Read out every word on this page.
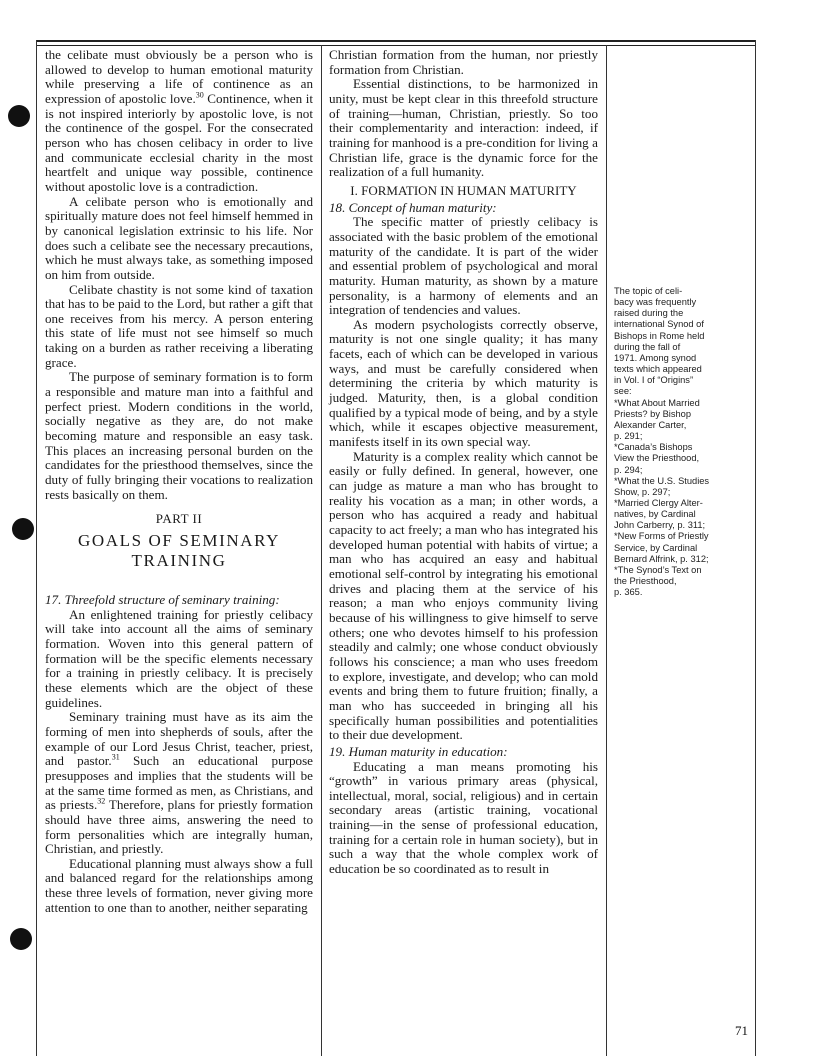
the celibate must obviously be a person who is allowed to develop to human emotional maturity while preserving a life of continence as an expression of apostolic love.$^{30}$ Continence, when it is not inspired interiorly by apostolic love, is not the continence of the gospel. For the consecrated person who has chosen celibacy in order to live and communicate ecclesial charity in the most heartfelt and unique way possible, continence without apostolic love is a contradiction.

A celibate person who is emotionally and spiritually mature does not feel himself hemmed in by canonical legislation extrinsic to his life. Nor does such a celibate see the necessary precautions, which he must always take, as something imposed on him from outside.

Celibate chastity is not some kind of taxation that has to be paid to the Lord, but rather a gift that one receives from his mercy. A person entering this state of life must not see himself so much taking on a burden as rather receiving a liberating grace.

The purpose of seminary formation is to form a responsible and mature man into a faithful and perfect priest. Modern conditions in the world, socially negative as they are, do not make becoming mature and responsible an easy task. This places an increasing personal burden on the candidates for the priesthood themselves, since the duty of fully bringing their vocations to realization rests basically on them.

PART II
GOALS OF SEMINARY
TRAINING
17. Threefold structure of seminary training:

An enlightened training for priestly celibacy will take into account all the aims of seminary formation. Woven into this general pattern of formation will be the specific elements necessary for a training in priestly celibacy. It is precisely these elements which are the object of these guidelines.

Seminary training must have as its aim the forming of men into shepherds of souls, after the example of our Lord Jesus Christ, teacher, priest, and pastor.$^{31}$ Such an educational purpose presupposes and implies that the students will be at the same time formed as men, as Christians, and as priests.$^{32}$ Therefore, plans for priestly formation should have three aims, answering the need to form personalities which are integrally human, Christian, and priestly.

Educational planning must always show a full and balanced regard for the relationships among these three levels of formation, never giving more attention to one than to another, neither separating

Christian formation from the human, nor priestly formation from Christian.

Essential distinctions, to be harmonized in unity, must be kept clear in this threefold structure of training—human, Christian, priestly. So too their complementarity and interaction: indeed, if training for manhood is a pre-condition for living a Christian life, grace is the dynamic force for the realization of a full humanity.

I. FORMATION IN HUMAN MATURITY
18. Concept of human maturity:

The specific matter of priestly celibacy is associated with the basic problem of the emotional maturity of the candidate. It is part of the wider and essential problem of psychological and moral maturity. Human maturity, as shown by a mature personality, is a harmony of elements and an integration of tendencies and values.

As modern psychologists correctly observe, maturity is not one single quality; it has many facets, each of which can be developed in various ways, and must be carefully considered when determining the criteria by which maturity is judged. Maturity, then, is a global condition qualified by a typical mode of being, and by a style which, while it escapes objective measurement, manifests itself in its own special way.

Maturity is a complex reality which cannot be easily or fully defined. In general, however, one can judge as mature a man who has brought to reality his vocation as a man; in other words, a person who has acquired a ready and habitual capacity to act freely; a man who has integrated his developed human potential with habits of virtue; a man who has acquired an easy and habitual emotional self-control by integrating his emotional drives and placing them at the service of his reason; a man who enjoys community living because of his willingness to give himself to serve others; one who devotes himself to his profession steadily and calmly; one whose conduct obviously follows his conscience; a man who uses freedom to explore, investigate, and develop; who can mold events and bring them to future fruition; finally, a man who has succeeded in bringing all his specifically human possibilities and potentialities to their due development.

19. Human maturity in education:

Educating a man means promoting his “growth” in various primary areas (physical, intellectual, moral, social, religious) and in certain secondary areas (artistic training, vocational training—in the sense of professional education, training for a certain role in human society), but in such a way that the whole complex work of education be so coordinated as to result in

The topic of celi-
bacy was frequently
raised during the
international Synod of
Bishops in Rome held
during the fall of
1971. Among synod
texts which appeared
in Vol. I of “Origins”
see:
*What About Married
Priests? by Bishop
Alexander Carter,
p. 291;
*Canada’s Bishops
View the Priesthood,
p. 294;
*What the U.S. Studies
Show, p. 297;
*Married Clergy Alter-
natives, by Cardinal
John Carberry, p. 311;
*New Forms of Priestly
Service, by Cardinal
Bernard Alfrink, p. 312;
*The Synod’s Text on
the Priesthood,
p. 365.
71
